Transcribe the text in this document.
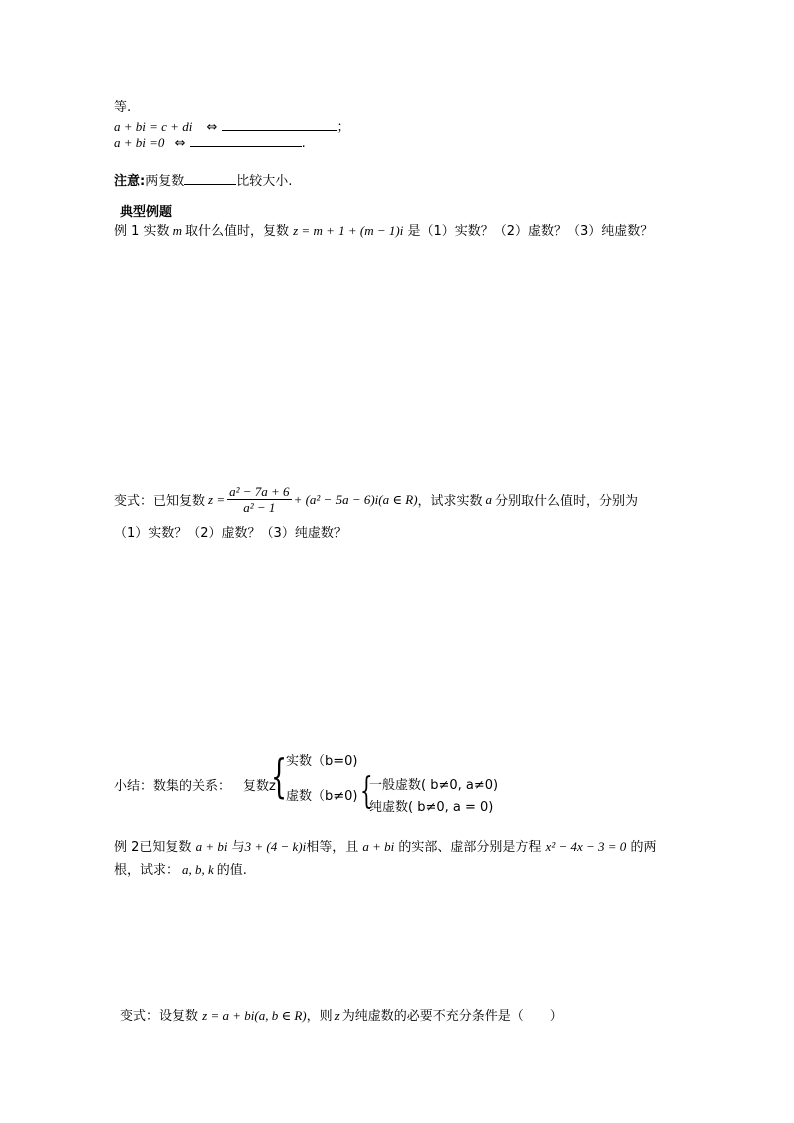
等.
a + bi = c + di ⇔	；
a + bi =0 ⇔	.
注意:两复数	比较大小.
典型例题
例 1 实数 m 取什么值时，复数 z = m + 1 + (m − 1)i 是（1）实数？（2）虚数？（3）纯虚数？
变式：已知复数 $z = \frac{\text{a² − 7a + 6}}{\text{a² − 1}} + (a^2 - 5a - 6)i(a$ ∈ R) ，试求实数 a 分别取什么值时，分别为
（1）实数？（2）虚数？（3）纯虚数？
小结：数集的关系： 复数z
{
实数（b=0)
虚数（b≠0) {
一般虚数( b≠0, a≠0)
纯虚数( b≠0, a = 0)
例 2已知复数 a + bi 与3 + (4 − k)i相等，且 a + bi 的实部、虚部分别是方程 x² − 4x − 3 = 0 的两
根，试求： a, b, k 的值.
变式：设复数 z = a + bi(a, b ∈ R)，则 z 为纯虚数的必要不充分条件是（　　）
